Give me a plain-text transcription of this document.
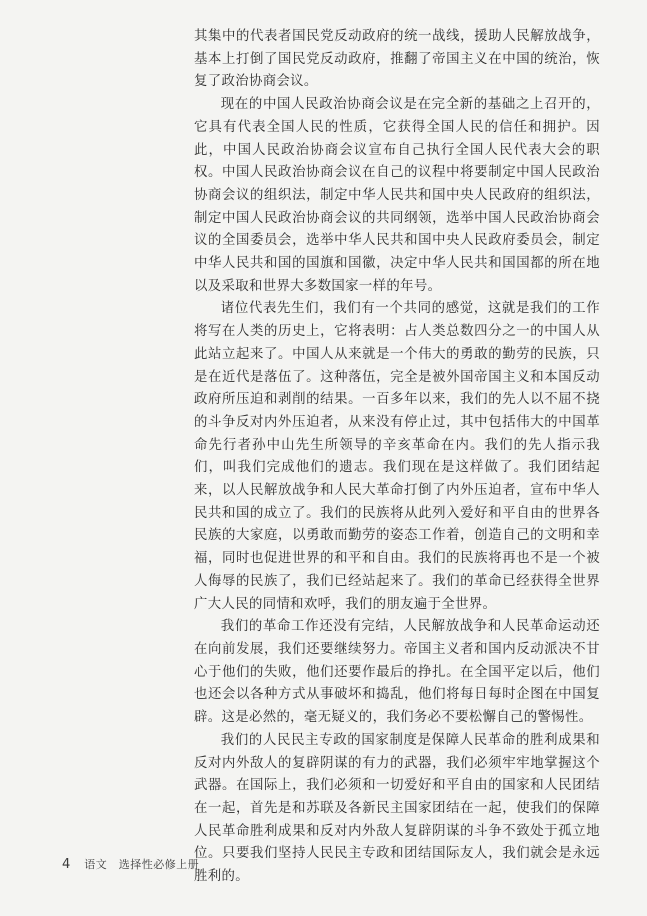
其集中的代表者国民党反动政府的统一战线，援助人民解放战争，基本上打倒了国民党反动政府，推翻了帝国主义在中国的统治，恢复了政治协商会议。

现在的中国人民政治协商会议是在完全新的基础之上召开的，它具有代表全国人民的性质，它获得全国人民的信任和拥护。因此，中国人民政治协商会议宣布自己执行全国人民代表大会的职权。中国人民政治协商会议在自己的议程中将要制定中国人民政治协商会议的组织法，制定中华人民共和国中央人民政府的组织法，制定中国人民政治协商会议的共同纲领，选举中国人民政治协商会议的全国委员会，选举中华人民共和国中央人民政府委员会，制定中华人民共和国的国旗和国徽，决定中华人民共和国国都的所在地以及采取和世界大多数国家一样的年号。

诸位代表先生们，我们有一个共同的感觉，这就是我们的工作将写在人类的历史上，它将表明：占人类总数四分之一的中国人从此站立起来了。中国人从来就是一个伟大的勇敢的勤劳的民族，只是在近代是落伍了。这种落伍，完全是被外国帝国主义和本国反动政府所压迫和剥削的结果。一百多年以来，我们的先人以不屈不挠的斗争反对内外压迫者，从来没有停止过，其中包括伟大的中国革命先行者孙中山先生所领导的辛亥革命在内。我们的先人指示我们，叫我们完成他们的遗志。我们现在是这样做了。我们团结起来，以人民解放战争和人民大革命打倒了内外压迫者，宣布中华人民共和国的成立了。我们的民族将从此列入爱好和平自由的世界各民族的大家庭，以勇敢而勤劳的姿态工作着，创造自己的文明和幸福，同时也促进世界的和平和自由。我们的民族将再也不是一个被人侮辱的民族了，我们已经站起来了。我们的革命已经获得全世界广大人民的同情和欢呼，我们的朋友遍于全世界。

我们的革命工作还没有完结，人民解放战争和人民革命运动还在向前发展，我们还要继续努力。帝国主义者和国内反动派决不甘心于他们的失败，他们还要作最后的挣扎。在全国平定以后，他们也还会以各种方式从事破坏和捣乱，他们将每日每时企图在中国复辟。这是必然的，毫无疑义的，我们务必不要松懈自己的警惕性。

我们的人民民主专政的国家制度是保障人民革命的胜利成果和反对内外敌人的复辟阴谋的有力的武器，我们必须牢牢地掌握这个武器。在国际上，我们必须和一切爱好和平自由的国家和人民团结在一起，首先是和苏联及各新民主国家团结在一起，使我们的保障人民革命胜利成果和反对内外敌人复辟阴谋的斗争不致处于孤立地位。只要我们坚持人民民主专政和团结国际友人，我们就会是永远胜利的。

4 语文　选择性必修上册
